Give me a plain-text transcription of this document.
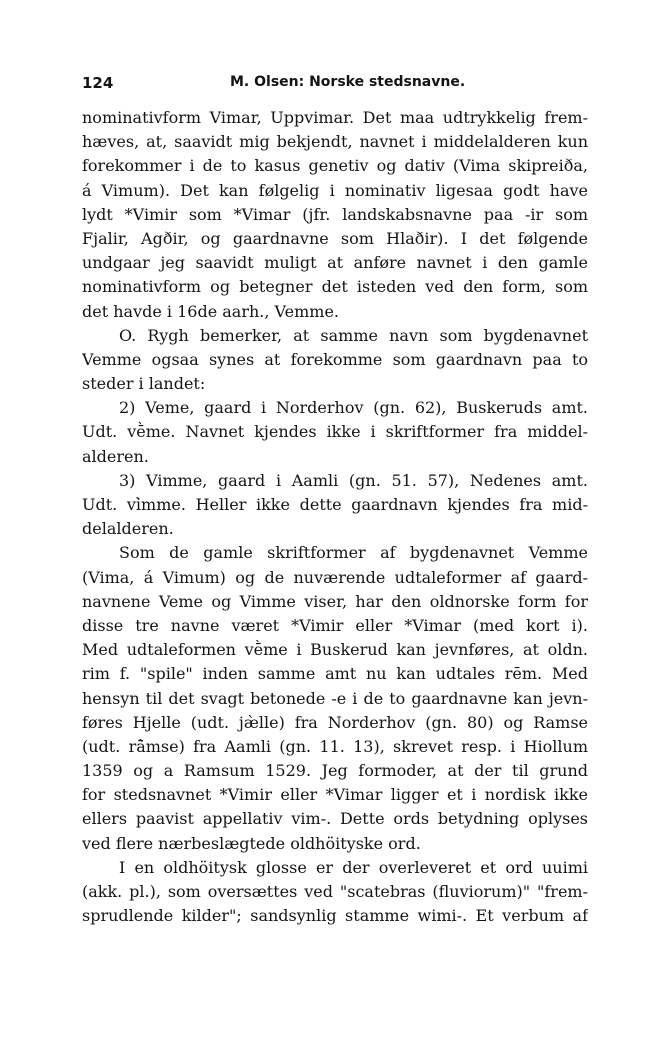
124	M. Olsen: Norske stedsnavne.
nominativform Vimar, Uppvimar. Det maa udtrykkelig frem-
hæves, at, saavidt mig bekjendt, navnet i middelalderen kun
forekommer i de to kasus genetiv og dativ (Vima skipreiða,
á Vimum). Det kan følgelig i nominativ ligesaa godt have
lydt *Vimir som *Vimar (jfr. landskabsnavne paa -ir som
Fjalir, Agðir, og gaardnavne som Hlaðir). I det følgende
undgaar jeg saavidt muligt at anføre navnet i den gamle
nominativform og betegner det isteden ved den form, som
det havde i 16de aarh., Vemme.
O. Rygh bemerker, at samme navn som bygdenavnet
Vemme ogsaa synes at forekomme som gaardnavn paa to
steder i landet:
2) Veme, gaard i Norderhov (gn. 62), Buskeruds amt.
Udt. vḕme. Navnet kjendes ikke i skriftformer fra middel-
alderen.
3) Vimme, gaard i Aamli (gn. 51. 57), Nedenes amt.
Udt. vi̇̀mme. Heller ikke dette gaardnavn kjendes fra mid-
delalderen.
Som de gamle skriftformer af bygdenavnet Vemme
(Vima, á Vimum) og de nuværende udtaleformer af gaard-
navnene Veme og Vimme viser, har den oldnorske form for
disse tre navne været *Vimir eller *Vimar (med kort i).
Med udtaleformen vḕme i Buskerud kan jevnføres, at oldn.
rim f. "spile" inden samme amt nu kan udtales rēm. Med
hensyn til det svagt betonede -e i de to gaardnavne kan jevn-
føres Hjelle (udt. jæ̀lle) fra Norderhov (gn. 80) og Ramse
(udt. rā̀mse) fra Aamli (gn. 11. 13), skrevet resp. i Hiollum
1359 og a Ramsum 1529. Jeg formoder, at der til grund
for stedsnavnet *Vimir eller *Vimar ligger et i nordisk ikke
ellers paavist appellativ vim-. Dette ords betydning oplyses
ved flere nærbeslægtede oldhöityske ord.
I en oldhöitysk glosse er der overleveret et ord uuimi
(akk. pl.), som oversættes ved "scatebras (fluviorum)" "frem-
sprudlende kilder"; sandsynlig stamme wimi-. Et verbum af
